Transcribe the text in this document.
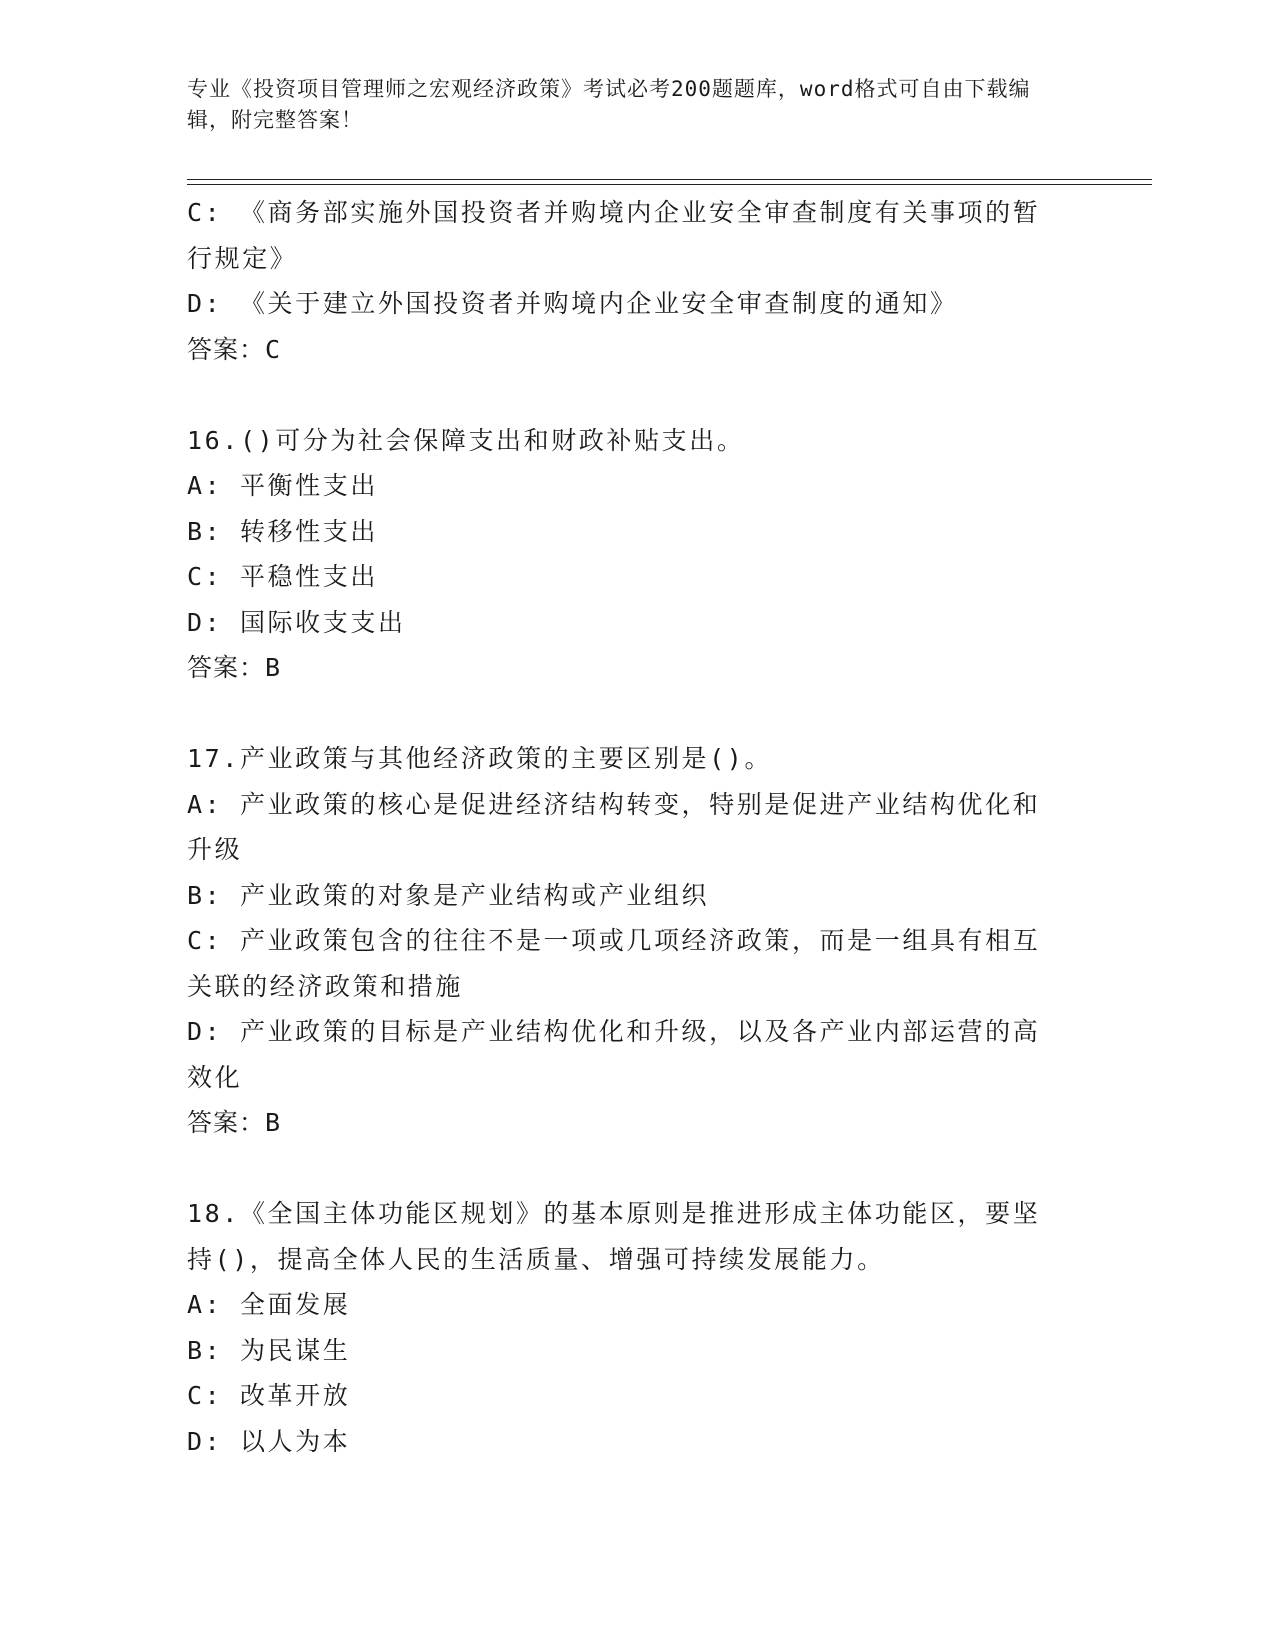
专业《投资项目管理师之宏观经济政策》考试必考200题题库，word格式可自由下载编辑，附完整答案！

C: 《商务部实施外国投资者并购境内企业安全审查制度有关事项的暂行规定》

D: 《关于建立外国投资者并购境内企业安全审查制度的通知》

答案：C

16.()可分为社会保障支出和财政补贴支出。

A: 平衡性支出

B: 转移性支出

C: 平稳性支出

D: 国际收支支出

答案：B

17.产业政策与其他经济政策的主要区别是()。

A: 产业政策的核心是促进经济结构转变，特别是促进产业结构优化和升级

B: 产业政策的对象是产业结构或产业组织

C: 产业政策包含的往往不是一项或几项经济政策，而是一组具有相互关联的经济政策和措施

D: 产业政策的目标是产业结构优化和升级，以及各产业内部运营的高效化

答案：B

18.《全国主体功能区规划》的基本原则是推进形成主体功能区，要坚持()，提高全体人民的生活质量、增强可持续发展能力。

A: 全面发展

B: 为民谋生

C: 改革开放

D: 以人为本
